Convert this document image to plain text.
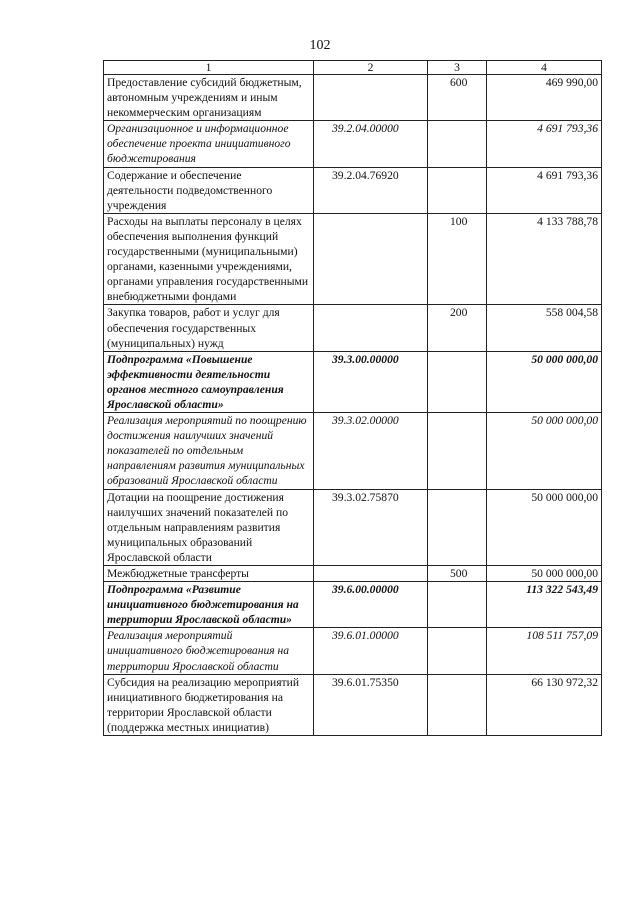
102
1	2	3	4
Предоставление субсидий бюджетным, автономным учреждениям и иным некоммерческим организациям		600	469 990,00
Организационное и информационное обеспечение проекта инициативного бюджетирования	39.2.04.00000		4 691 793,36
Содержание и обеспечение деятельности подведомственного учреждения	39.2.04.76920		4 691 793,36
Расходы на выплаты персоналу в целях обеспечения выполнения функций государственными (муниципальными) органами, казенными учреждениями, органами управления государственными внебюджетными фондами		100	4 133 788,78
Закупка товаров, работ и услуг для обеспечения государственных (муниципальных) нужд		200	558 004,58
Подпрограмма «Повышение эффективности деятельности органов местного самоуправления Ярославской области»	39.3.00.00000		50 000 000,00
Реализация мероприятий по поощрению достижения наилучших значений показателей по отдельным направлениям развития муниципальных образований Ярославской области	39.3.02.00000		50 000 000,00
Дотации на поощрение достижения наилучших значений показателей по отдельным направлениям развития муниципальных образований Ярославской области	39.3.02.75870		50 000 000,00
Межбюджетные трансферты		500	50 000 000,00
Подпрограмма «Развитие инициативного бюджетирования на территории Ярославской области»	39.6.00.00000		113 322 543,49
Реализация мероприятий инициативного бюджетирования на территории Ярославской области	39.6.01.00000		108 511 757,09
Субсидия на реализацию мероприятий инициативного бюджетирования на территории Ярославской области (поддержка местных инициатив)	39.6.01.75350		66 130 972,32
